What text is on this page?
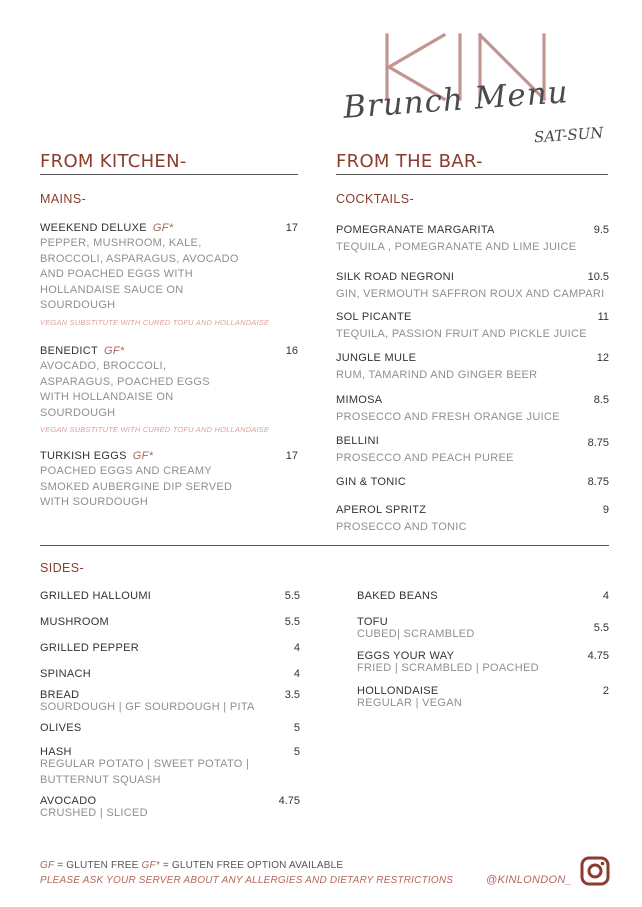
Brunch Menu
SAT-SUN
FROM KITCHEN-	FROM THE BAR-
MAINS-	COCKTAILS-
WEEKEND DELUXE GF*	17
PEPPER, MUSHROOM, KALE,
BROCCOLI, ASPARAGUS, AVOCADO
AND POACHED EGGS WITH
HOLLANDAISE SAUCE ON
SOURDOUGH
VEGAN SUBSTITUTE WITH CURED TOFU AND HOLLANDAISE
BENEDICT GF*	16
AVOCADO, BROCCOLI,
ASPARAGUS, POACHED EGGS
WITH HOLLANDAISE ON
SOURDOUGH
VEGAN SUBSTITUTE WITH CURED TOFU AND HOLLANDAISE
TURKISH EGGS GF*	17
POACHED EGGS AND CREAMY
SMOKED AUBERGINE DIP SERVED
WITH SOURDOUGH
POMEGRANATE MARGARITA	9.5
TEQUILA , POMEGRANATE AND LIME JUICE
SILK ROAD NEGRONI	10.5
GIN, VERMOUTH SAFFRON ROUX AND CAMPARI
SOL PICANTE	11
TEQUILA, PASSION FRUIT AND PICKLE JUICE
JUNGLE MULE	12
RUM, TAMARIND AND GINGER BEER
MIMOSA	8.5
PROSECCO AND FRESH ORANGE JUICE
BELLINI	8.75
PROSECCO AND PEACH PUREE
GIN & TONIC	8.75
APEROL SPRITZ	9
PROSECCO AND TONIC
SIDES-
GRILLED HALLOUMI	5.5
MUSHROOM	5.5
GRILLED PEPPER	4
SPINACH	4
BREAD	3.5
SOURDOUGH | GF SOURDOUGH | PITA
OLIVES	5
HASH	5
REGULAR POTATO | SWEET POTATO |
BUTTERNUT SQUASH
AVOCADO	4.75
CRUSHED | SLICED
BAKED BEANS	4
TOFU	5.5
CUBED| SCRAMBLED
EGGS YOUR WAY	4.75
FRIED | SCRAMBLED | POACHED
HOLLONDAISE	2
REGULAR | VEGAN
GF = GLUTEN FREE GF* = GLUTEN FREE OPTION AVAILABLE
PLEASE ASK YOUR SERVER ABOUT ANY ALLERGIES AND DIETARY RESTRICTIONS	@KINLONDON_
